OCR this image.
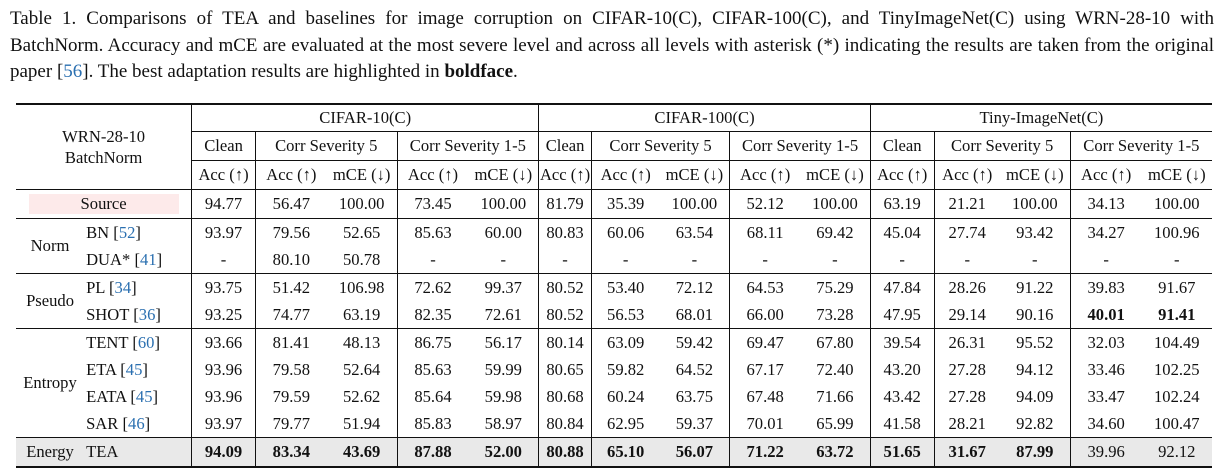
Table 1. Comparisons of TEA and baselines for image corruption on CIFAR-10(C), CIFAR-100(C), and TinyImageNet(C) using WRN-28-10 with BatchNorm. Accuracy and mCE are evaluated at the most severe level and across all levels with asterisk (*) indicating the results are taken from the original paper [56]. The best adaptation results are highlighted in boldface.
WRN-28-10
BatchNorm		CIFAR-10(C)					CIFAR-100(C)					Tiny-ImageNet(C)				
		Clean	Corr Severity 5		Corr Severity 1-5		Clean	Corr Severity 5		Corr Severity 1-5		Clean	Corr Severity 5		Corr Severity 1-5	
		Acc (↑)	Acc (↑)	mCE (↓)	Acc (↑)	mCE (↓)	Acc (↑)	Acc (↑)	mCE (↓)	Acc (↑)	mCE (↓)	Acc (↑)	Acc (↑)	mCE (↓)	Acc (↑)	mCE (↓)
Source		94.77	56.47	100.00	73.45	100.00	81.79	35.39	100.00	52.12	100.00	63.19	21.21	100.00	34.13	100.00
Norm	BN [52]	93.97	79.56	52.65	85.63	60.00	80.83	60.06	63.54	68.11	69.42	45.04	27.74	93.42	34.27	100.96
	DUA* [41]	-	80.10	50.78	-	-	-	-	-	-	-	-	-	-	-	-
Pseudo	PL [34]	93.75	51.42	106.98	72.62	99.37	80.52	53.40	72.12	64.53	75.29	47.84	28.26	91.22	39.83	91.67
	SHOT [36]	93.25	74.77	63.19	82.35	72.61	80.52	56.53	68.01	66.00	73.28	47.95	29.14	90.16	40.01	91.41
Entropy	TENT [60]	93.66	81.41	48.13	86.75	56.17	80.14	63.09	59.42	69.47	67.80	39.54	26.31	95.52	32.03	104.49
	ETA [45]	93.96	79.58	52.64	85.63	59.99	80.65	59.82	64.52	67.17	72.40	43.20	27.28	94.12	33.46	102.25
	EATA [45]	93.96	79.59	52.62	85.64	59.98	80.68	60.24	63.75	67.48	71.66	43.42	27.28	94.09	33.47	102.24
	SAR [46]	93.97	79.77	51.94	85.83	58.97	80.84	62.95	59.37	70.01	65.99	41.58	28.21	92.82	34.60	100.47
Energy	TEA	94.09	83.34	43.69	87.88	52.00	80.88	65.10	56.07	71.22	63.72	51.65	31.67	87.99	39.96	92.12
